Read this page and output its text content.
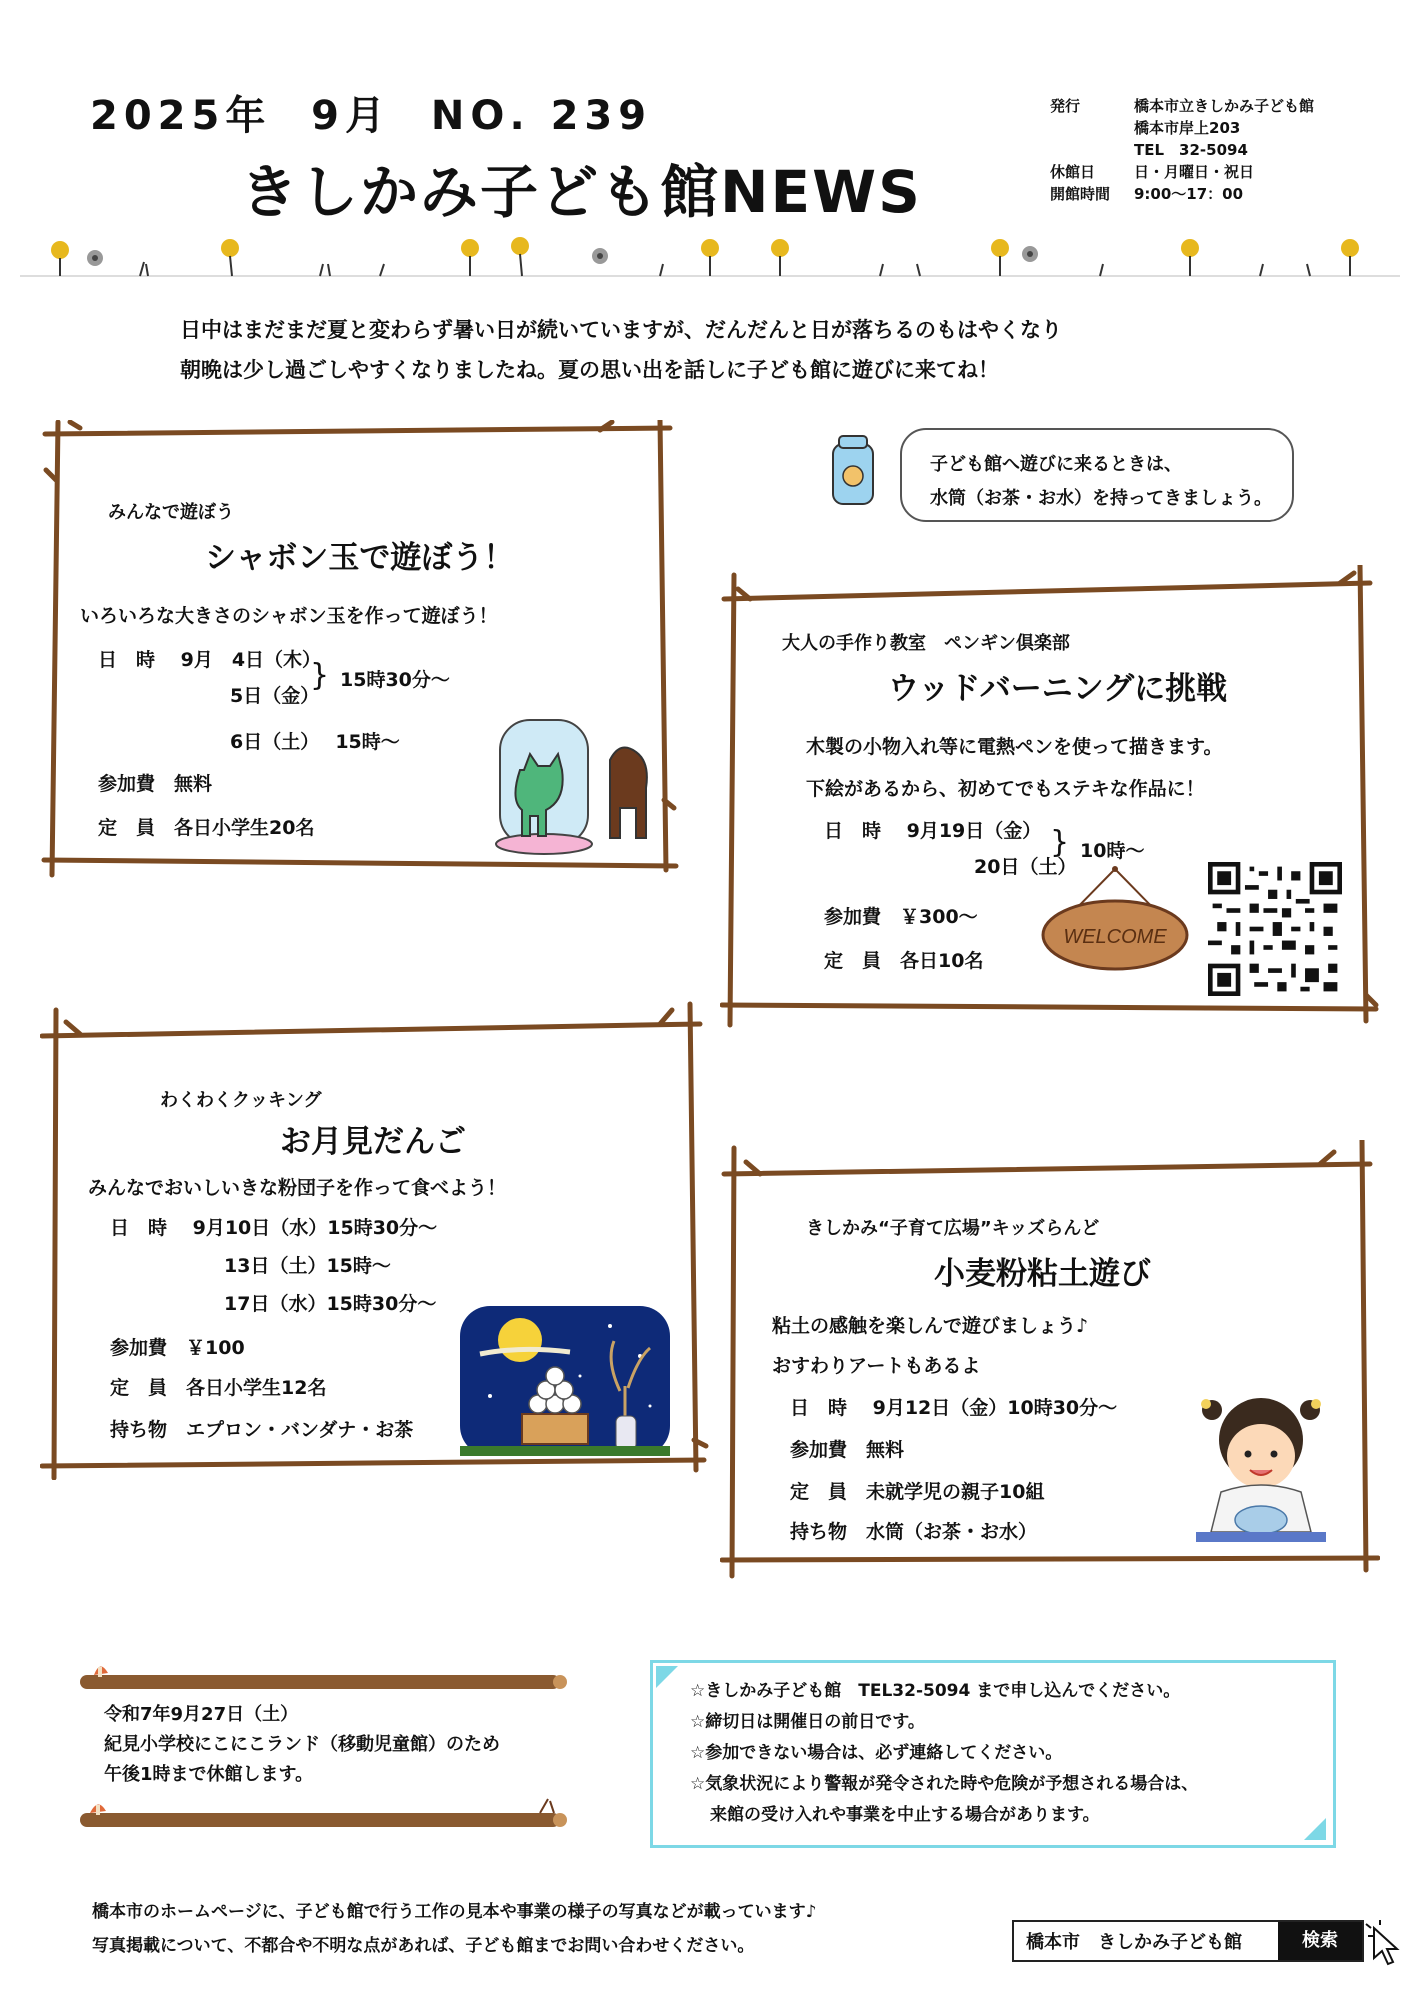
2025年  9月  NO. 239
きしかみ子ども館NEWS
発行	橋本市立きしかみ子ども館
橋本市岸上203
TEL　32-5094
休館日	日・月曜日・祝日
開館時間	9:00～17：00
日中はまだまだ夏と変わらず暑い日が続いていますが、だんだんと日が落ちるのもはやくなり
朝晩は少し過ごしやすくなりましたね。夏の思い出を話しに子ども館に遊びに来てね！
みんなで遊ぼう
シャボン玉で遊ぼう！
いろいろな大きさのシャボン玉を作って遊ぼう！
日　時　 9月　4日（木）
5日（金）
} 15時30分～
6日（土）　 15時～
参加費　無料
定　員　各日小学生20名
子ども館へ遊びに来るときは、
水筒（お茶・お水）を持ってきましょう。
大人の手作り教室　ペンギン倶楽部
ウッドバーニングに挑戦
木製の小物入れ等に電熱ペンを使って描きます。
下絵があるから、初めてでもステキな作品に！
日　時　 9月19日（金）
20日（土）
} 10時～
参加費　￥300～
定　員　各日10名
WELCOME
わくわくクッキング
お月見だんご
みんなでおいしいきな粉団子を作って食べよう！
日　時　 9月10日（水）15時30分～
13日（土）15時～
17日（水）15時30分～
参加費　￥100
定　員　各日小学生12名
持ち物　エプロン・バンダナ・お茶
きしかみ“子育て広場”キッズらんど
小麦粉粘土遊び
粘土の感触を楽しんで遊びましょう♪
おすわりアートもあるよ
日　時　 9月12日（金）10時30分～
参加費　無料
定　員　未就学児の親子10組
持ち物　水筒（お茶・お水）
令和7年9月27日（土）
紀見小学校にこにこランド（移動児童館）のため
午後1時まで休館します。
☆きしかみ子ども館　TEL32-5094 まで申し込んでください。
☆締切日は開催日の前日です。
☆参加できない場合は、必ず連絡してください。
☆気象状況により警報が発令された時や危険が予想される場合は、
来館の受け入れや事業を中止する場合があります。
橋本市のホームページに、子ども館で行う工作の見本や事業の様子の写真などが載っています♪
写真掲載について、不都合や不明な点があれば、子ども館までお問い合わせください。	橋本市　きしかみ子ども館	検索
